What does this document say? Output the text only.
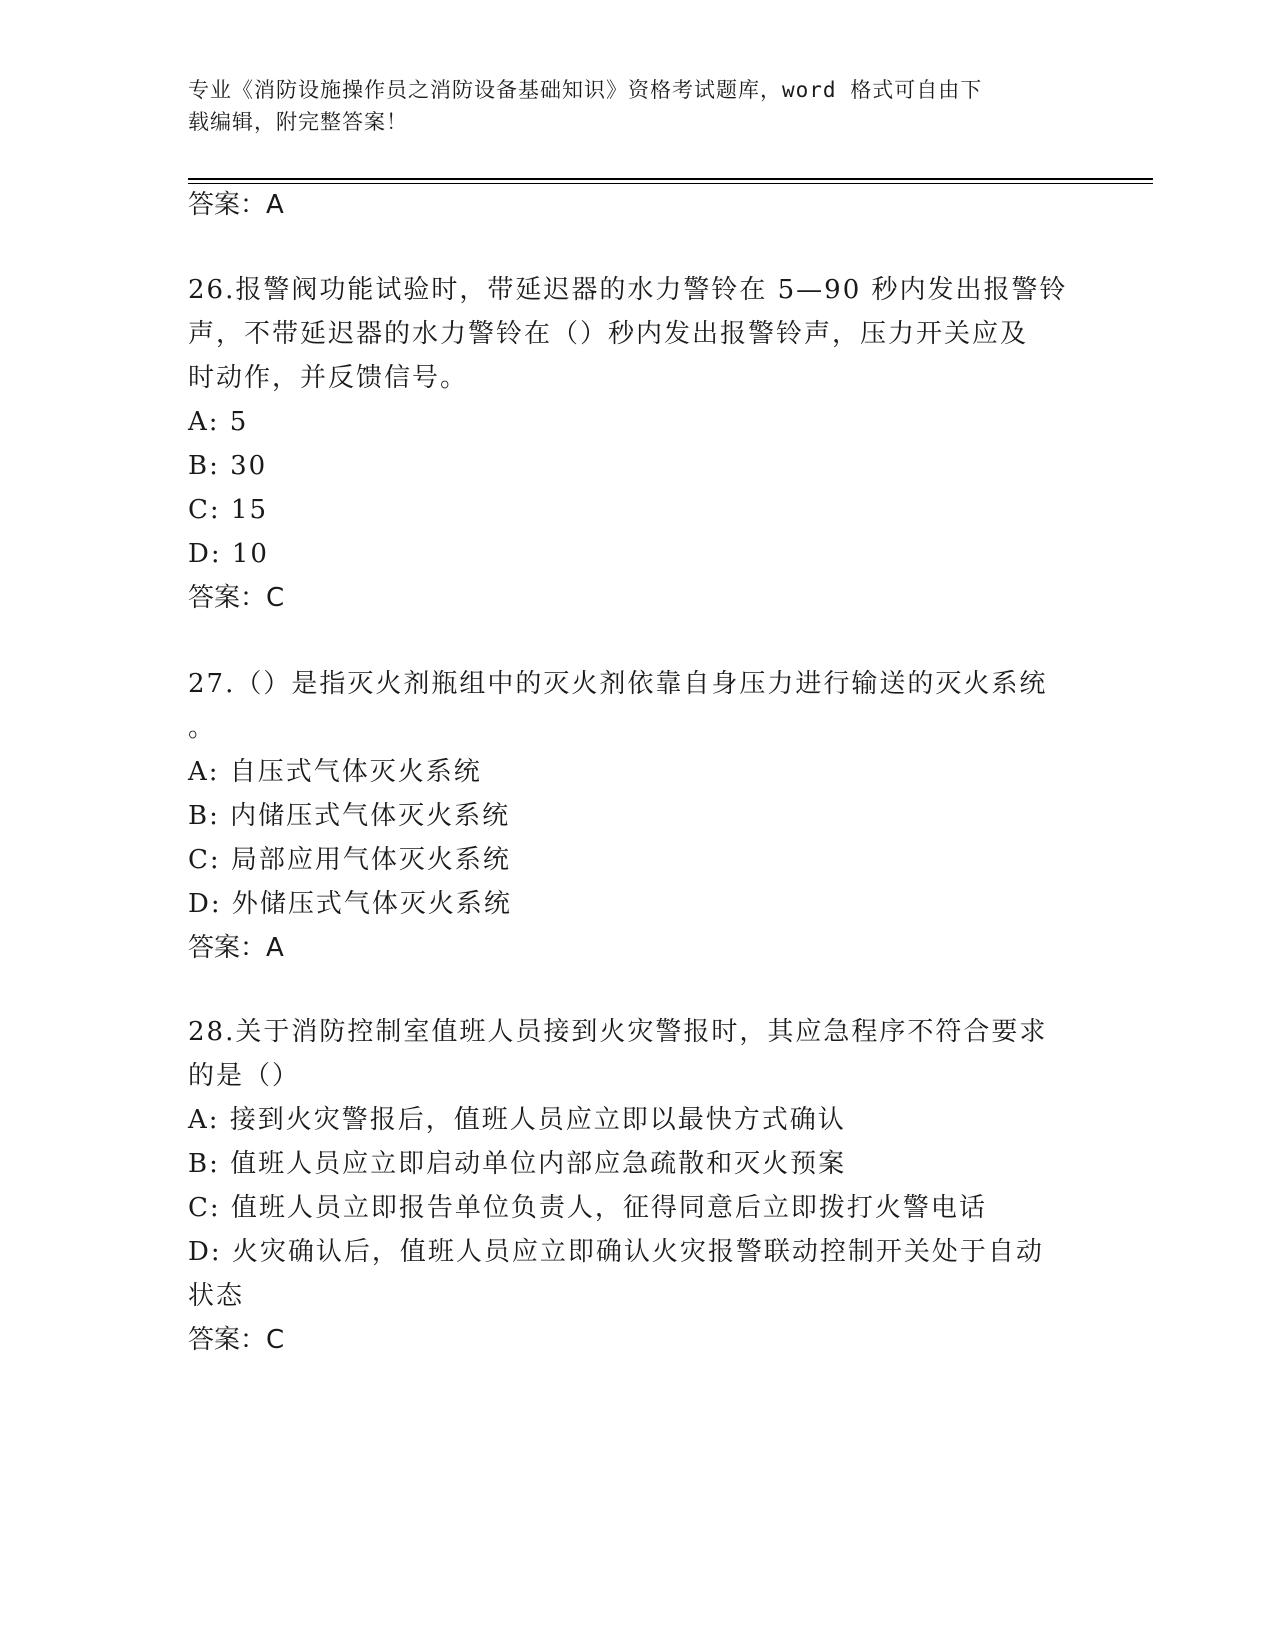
专业《消防设施操作员之消防设备基础知识》资格考试题库，word 格式可自由下
载编辑，附完整答案！
答案：A
26.报警阀功能试验时，带延迟器的水力警铃在 5—90 秒内发出报警铃
声，不带延迟器的水力警铃在（）秒内发出报警铃声，压力开关应及
时动作，并反馈信号。
A: 5
B: 30
C: 15
D: 10
答案：C
27.（）是指灭火剂瓶组中的灭火剂依靠自身压力进行输送的灭火系统
。
A: 自压式气体灭火系统
B: 内储压式气体灭火系统
C: 局部应用气体灭火系统
D: 外储压式气体灭火系统
答案：A
28.关于消防控制室值班人员接到火灾警报时，其应急程序不符合要求
的是（）
A: 接到火灾警报后，值班人员应立即以最快方式确认
B: 值班人员应立即启动单位内部应急疏散和灭火预案
C: 值班人员立即报告单位负责人，征得同意后立即拨打火警电话
D: 火灾确认后，值班人员应立即确认火灾报警联动控制开关处于自动
状态
答案：C
